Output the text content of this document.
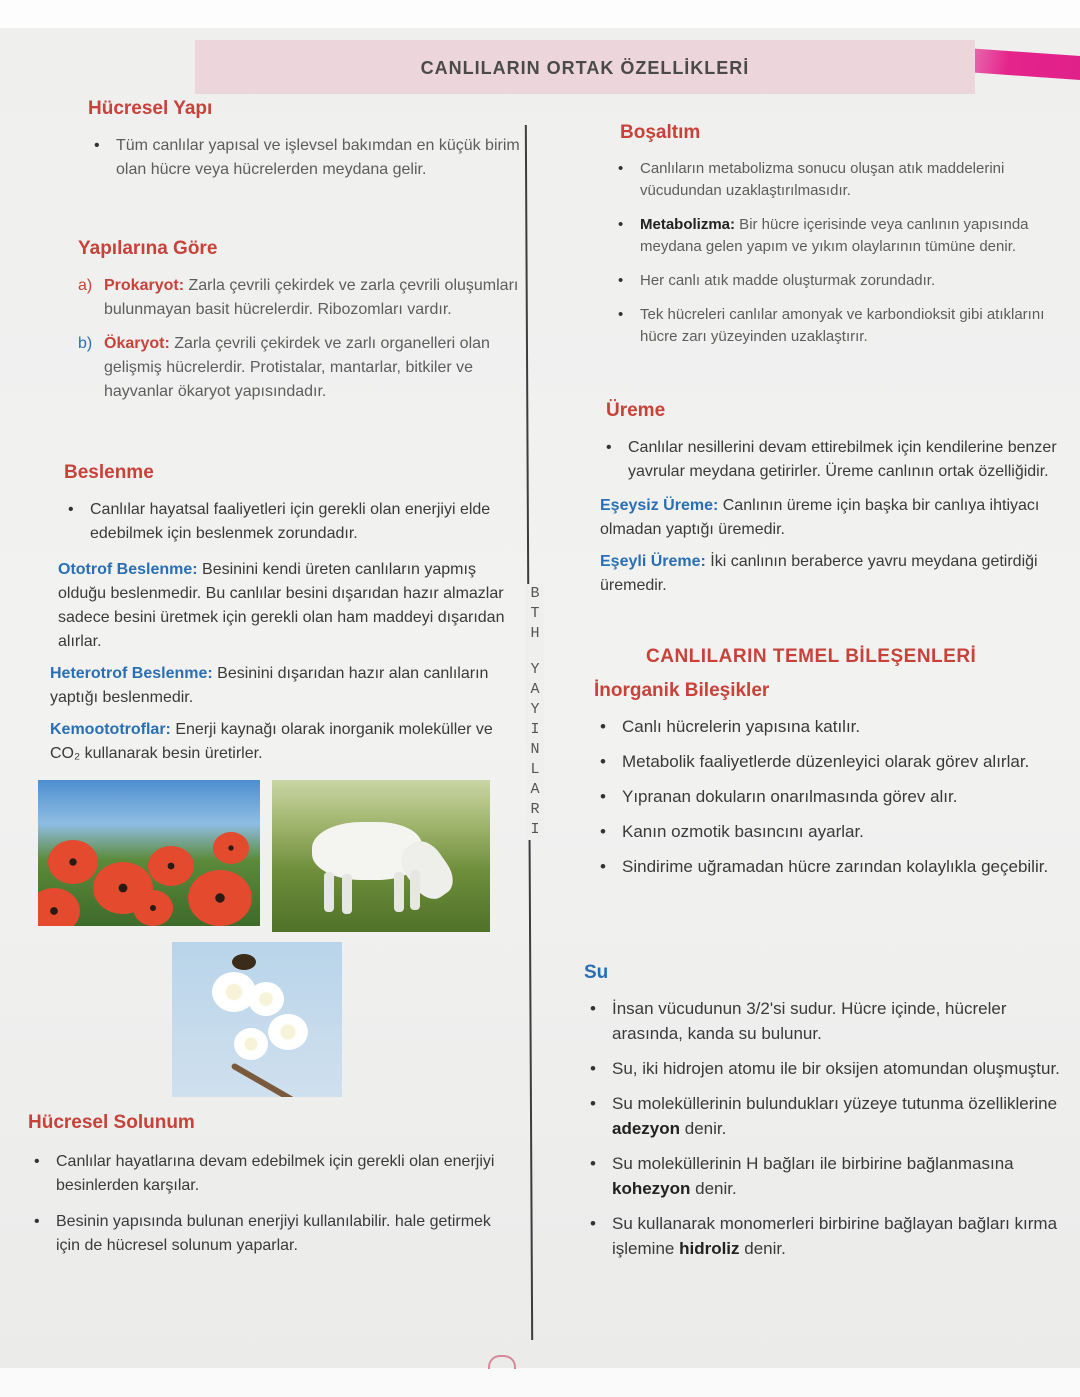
CANLILARIN ORTAK ÖZELLİKLERİ
B
T
H
Y
A
Y
I
N
L
A
R
I
Hücresel Yapı
• Tüm canlılar yapısal ve işlevsel bakımdan en küçük birim olan hücre veya hücrelerden meydana gelir.
Yapılarına Göre
a) Prokaryot: Zarla çevrili çekirdek ve zarla çevrili oluşumları bulunmayan basit hücrelerdir. Ribozomları vardır.
b) Ökaryot: Zarla çevrili çekirdek ve zarlı organelleri olan gelişmiş hücrelerdir. Protistalar, mantarlar, bitkiler ve hayvanlar ökaryot yapısındadır.
Beslenme
• Canlılar hayatsal faaliyetleri için gerekli olan enerjiyi elde edebilmek için beslenmek zorundadır.
Ototrof Beslenme: Besinini kendi üreten canlıların yapmış olduğu beslenmedir. Bu canlılar besini dışarıdan hazır almazlar sadece besini üretmek için gerekli olan ham maddeyi dışarıdan alırlar.
Heterotrof Beslenme: Besinini dışarıdan hazır alan canlıların yaptığı beslenmedir.
Kemoototroflar: Enerji kaynağı olarak inorganik moleküller ve CO₂ kullanarak besin üretirler.
Hücresel Solunum
• Canlılar hayatlarına devam edebilmek için gerekli olan enerjiyi besinlerden karşılar.
• Besinin yapısında bulunan enerjiyi kullanılabilir. hale getirmek için de hücresel solunum yaparlar.
Boşaltım
• Canlıların metabolizma sonucu oluşan atık maddelerini vücudundan uzaklaştırılmasıdır.
• Metabolizma: Bir hücre içerisinde veya canlının yapısında meydana gelen yapım ve yıkım olaylarının tümüne denir.
• Her canlı atık madde oluşturmak zorundadır.
• Tek hücreleri canlılar amonyak ve karbondioksit gibi atıklarını hücre zarı yüzeyinden uzaklaştırır.
Üreme
• Canlılar nesillerini devam ettirebilmek için kendilerine benzer yavrular meydana getirirler. Üreme canlının ortak özelliğidir.
Eşeysiz Üreme: Canlının üreme için başka bir canlıya ihtiyacı olmadan yaptığı üremedir.
Eşeyli Üreme: İki canlının beraberce yavru meydana getirdiği üremedir.
CANLILARIN TEMEL BİLEŞENLERİ
İnorganik Bileşikler
• Canlı hücrelerin yapısına katılır.
• Metabolik faaliyetlerde düzenleyici olarak görev alırlar.
• Yıpranan dokuların onarılmasında görev alır.
• Kanın ozmotik basıncını ayarlar.
• Sindirime uğramadan hücre zarından kolaylıkla geçebilir.
Su
• İnsan vücudunun 3/2'si sudur. Hücre içinde, hücreler arasında, kanda su bulunur.
• Su, iki hidrojen atomu ile bir oksijen atomundan oluşmuştur.
• Su moleküllerinin bulundukları yüzeye tutunma özelliklerine adezyon denir.
• Su moleküllerinin H bağları ile birbirine bağlanmasına kohezyon denir.
• Su kullanarak monomerleri birbirine bağlayan bağları kırma işlemine hidroliz denir.
